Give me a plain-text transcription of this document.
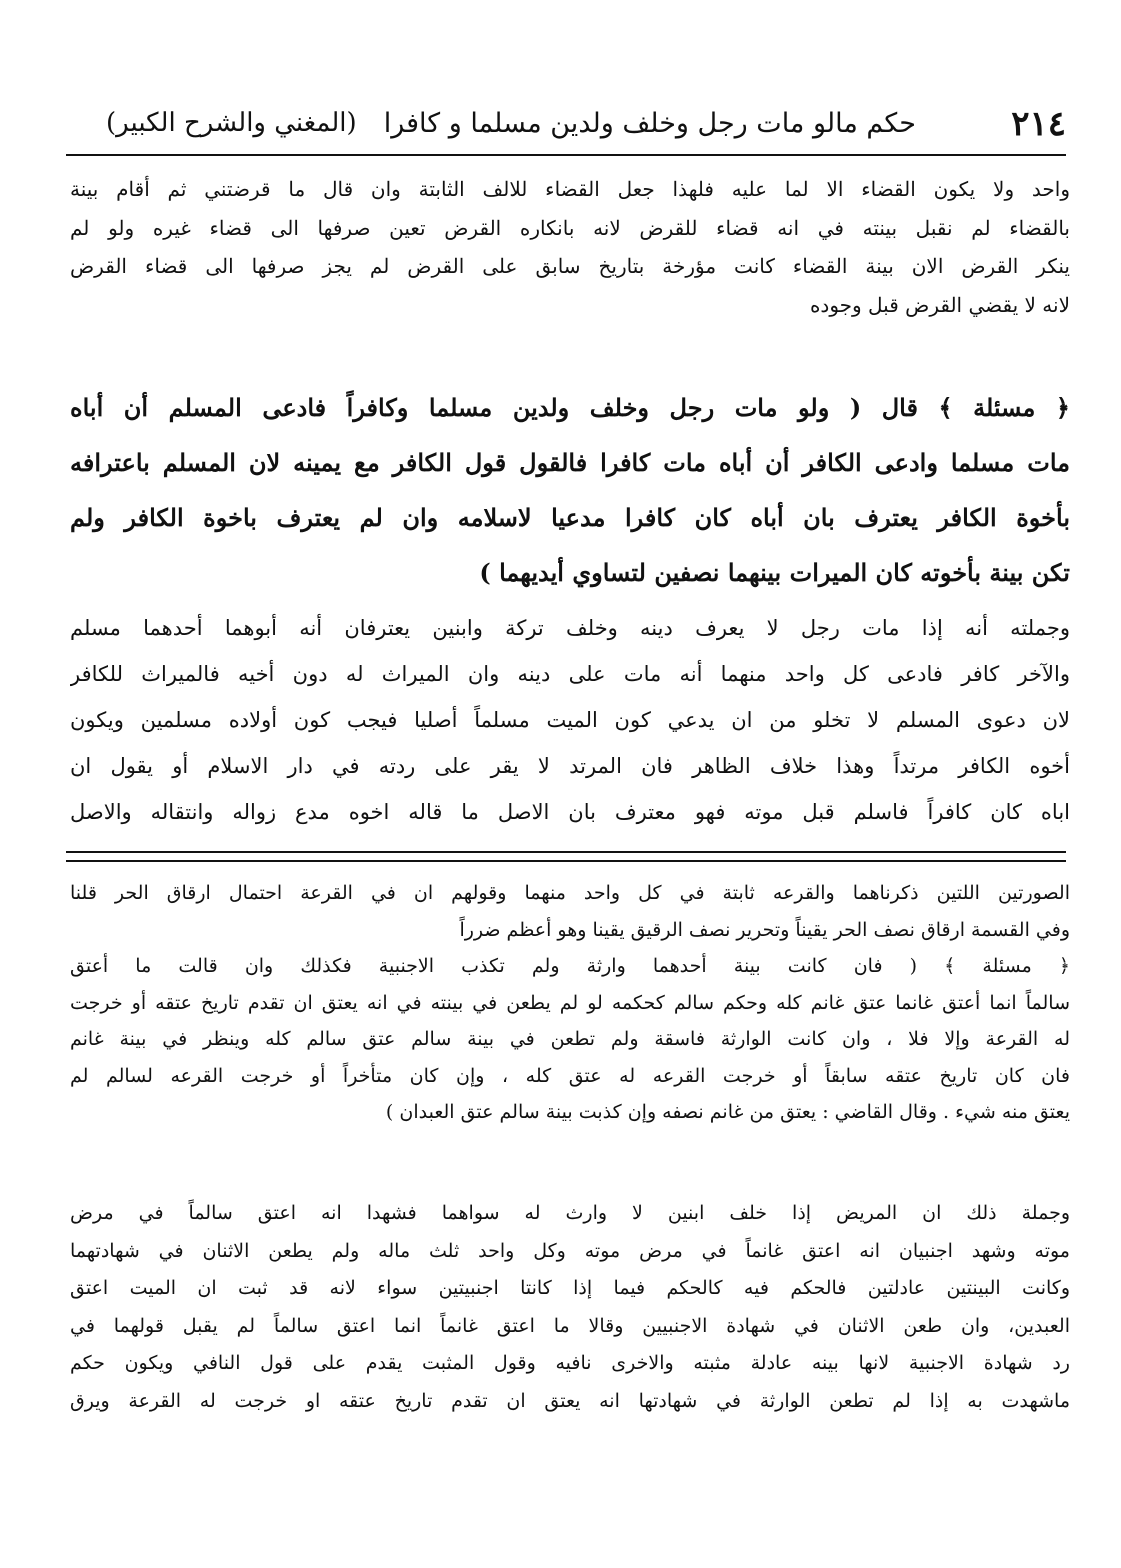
٢١٤
حكم مالو مات رجل وخلف ولدين مسلما و كافرا
(المغني والشرح الكبير)
واحد ولا يكون القضاء الا لما عليه فلهذا جعل القضاء للالف الثابتة وان قال ما قرضتني ثم أقام بينة
بالقضاء لم نقبل بينته في انه قضاء للقرض لانه بانكاره القرض تعين صرفها الى قضاء غيره ولو لم
ينكر القرض الان بينة القضاء كانت مؤرخة بتاريخ سابق على القرض لم يجز صرفها الى قضاء القرض
لانه لا يقضي القرض قبل وجوده
﴿ مسئلة ﴾ قال ( ولو مات رجل وخلف ولدين مسلما وكافراً فادعى المسلم أن أباه
مات مسلما وادعى الكافر أن أباه مات كافرا فالقول قول الكافر مع يمينه لان المسلم باعترافه
بأخوة الكافر يعترف بان أباه كان كافرا مدعيا لاسلامه وان لم يعترف باخوة الكافر ولم
تكن بينة بأخوته كان الميرات بينهما نصفين لتساوي أيديهما )
وجملته أنه إذا مات رجل لا يعرف دينه وخلف تركة وابنين يعترفان أنه أبوهما أحدهما مسلم
والآخر كافر فادعى كل واحد منهما أنه مات على دينه وان الميراث له دون أخيه فالميراث للكافر
لان دعوى المسلم لا تخلو من ان يدعي كون الميت مسلماً أصليا فيجب كون أولاده مسلمين ويكون
أخوه الكافر مرتداً وهذا خلاف الظاهر فان المرتد لا يقر على ردته في دار الاسلام أو يقول ان
اباه كان كافراً فاسلم قبل موته فهو معترف بان الاصل ما قاله اخوه مدع زواله وانتقاله والاصل
الصورتين اللتين ذكرناهما والقرعه ثابتة في كل واحد منهما وقولهم ان في القرعة احتمال ارقاق الحر قلنا
وفي القسمة ارقاق نصف الحر يقيناً وتحرير نصف الرقيق يقينا وهو أعظم ضرراً
﴿ مسئلة ﴾ ( فان كانت بينة أحدهما وارثة ولم تكذب الاجنبية فكذلك وان قالت ما أعتق
سالماً انما أعتق غانما عتق غانم كله وحكم سالم كحكمه لو لم يطعن في بينته في انه يعتق ان تقدم تاريخ عتقه أو خرجت
له القرعة وإلا فلا ، وان كانت الوارثة فاسقة ولم تطعن في بينة سالم عتق سالم كله وينظر في بينة غانم
فان كان تاريخ عتقه سابقاً أو خرجت القرعه له عتق كله ، وإن كان متأخراً أو خرجت القرعه لسالم لم
يعتق منه شيء . وقال القاضي : يعتق من غانم نصفه وإن كذبت بينة سالم عتق العبدان )
وجملة ذلك ان المريض إذا خلف ابنين لا وارث له سواهما فشهدا انه اعتق سالماً في مرض
موته وشهد اجنبيان انه اعتق غانماً في مرض موته وكل واحد ثلث ماله ولم يطعن الاثنان في شهادتهما
وكانت البينتين عادلتين فالحكم فيه كالحكم فيما إذا كانتا اجنبيتين سواء لانه قد ثبت ان الميت اعتق
العبدين، وان طعن الاثنان في شهادة الاجنبيين وقالا ما اعتق غانماً انما اعتق سالماً لم يقبل قولهما في
رد شهادة الاجنبية لانها بينه عادلة مثبته والاخرى نافيه وقول المثبت يقدم على قول النافي ويكون حكم
ماشهدت به إذا لم تطعن الوارثة في شهادتها انه يعتق ان تقدم تاريخ عتقه او خرجت له القرعة ويرق
